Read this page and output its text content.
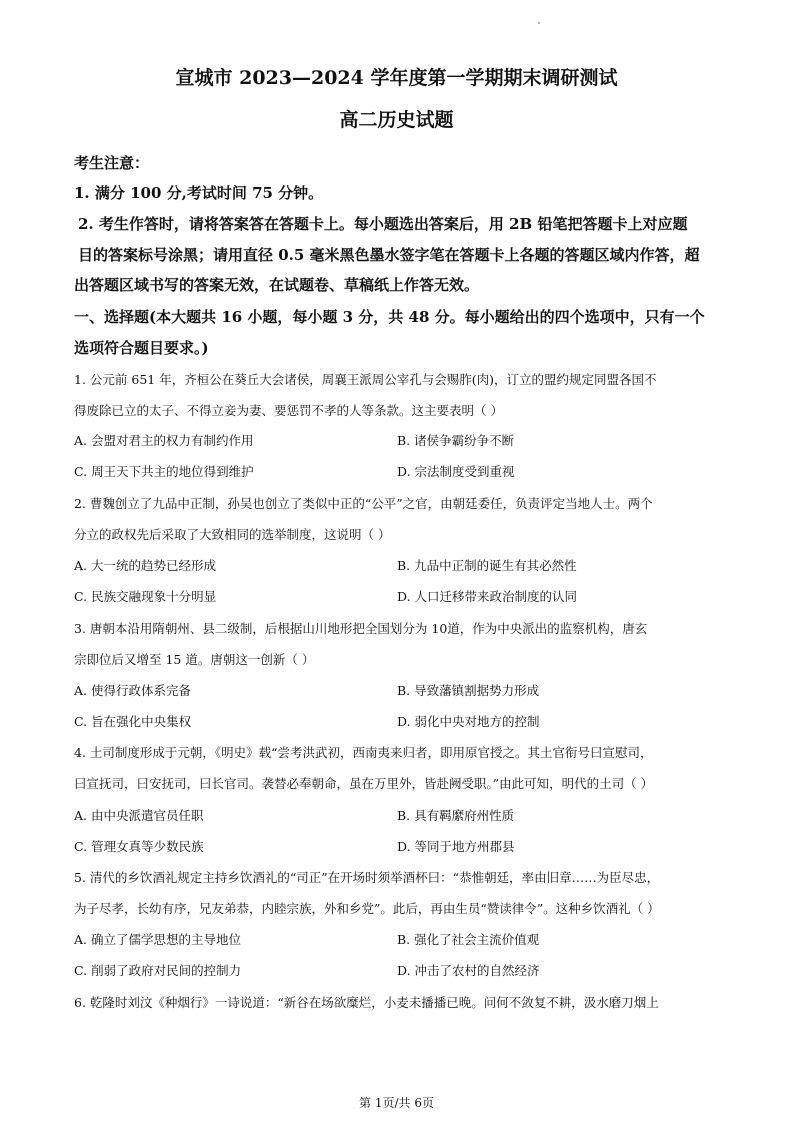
宣城市 2023—2024 学年度第一学期期末调研测试
高二历史试题
考生注意：
1. 满分 100 分,考试时间 75 分钟。
2. 考生作答时，请将答案答在答题卡上。每小题选出答案后，用 2B 铅笔把答题卡上对应题
目的答案标号涂黑；请用直径 0.5 毫米黑色墨水签字笔在答题卡上各题的答题区域内作答，超
出答题区域书写的答案无效，在试题卷、草稿纸上作答无效。
一、选择题(本大题共 16 小题，每小题 3 分，共 48 分。每小题给出的四个选项中，只有一个
选项符合题目要求。)
1. 公元前 651 年，齐桓公在葵丘大会诸侯，周襄王派周公宰孔与会赐胙(肉)，订立的盟约规定同盟各国不
得废除已立的太子、不得立妾为妻、要惩罚不孝的人等条款。这主要表明（ ）
A. 会盟对君主的权力有制约作用	B. 诸侯争霸纷争不断
C. 周王天下共主的地位得到维护	D. 宗法制度受到重视
2. 曹魏创立了九品中正制，孙吴也创立了类似中正的“公平”之官，由朝廷委任，负责评定当地人士。两个
分立的政权先后采取了大致相同的选举制度，这说明（ ）
A. 大一统的趋势已经形成	B. 九品中正制的诞生有其必然性
C. 民族交融现象十分明显	D. 人口迁移带来政治制度的认同
3. 唐朝本沿用隋朝州、县二级制，后根据山川地形把全国划分为 10道，作为中央派出的监察机构，唐玄
宗即位后又增至 15 道。唐朝这一创新（ ）
A. 使得行政体系完备	B. 导致藩镇割据势力形成
C. 旨在强化中央集权	D. 弱化中央对地方的控制
4. 土司制度形成于元朝，《明史》载“尝考洪武初，西南夷来归者，即用原官授之。其土官衔号曰宣慰司，
曰宣抚司，曰安抚司，曰长官司。袭替必奉朝命，虽在万里外，皆赴阙受职。”由此可知，明代的土司（ ）
A. 由中央派遣官员任职	B. 具有羁縻府州性质
C. 管理女真等少数民族	D. 等同于地方州郡县
5. 清代的乡饮酒礼规定主持乡饮酒礼的“司正”在开场时须举酒杯曰：“恭惟朝廷，率由旧章……为臣尽忠，
为子尽孝，长幼有序，兄友弟恭，内睦宗族，外和乡党”。此后，再由生员“赞读律令”。这种乡饮酒礼（ ）
A. 确立了儒学思想的主导地位	B. 强化了社会主流价值观
C. 削弱了政府对民间的控制力	D. 冲击了农村的自然经济
6. 乾隆时刘汶《种烟行》一诗说道：“新谷在场欲糜烂，小麦未播播已晚。问何不敛复不耕，汲水磨刀烟上
第 1页/共 6页
